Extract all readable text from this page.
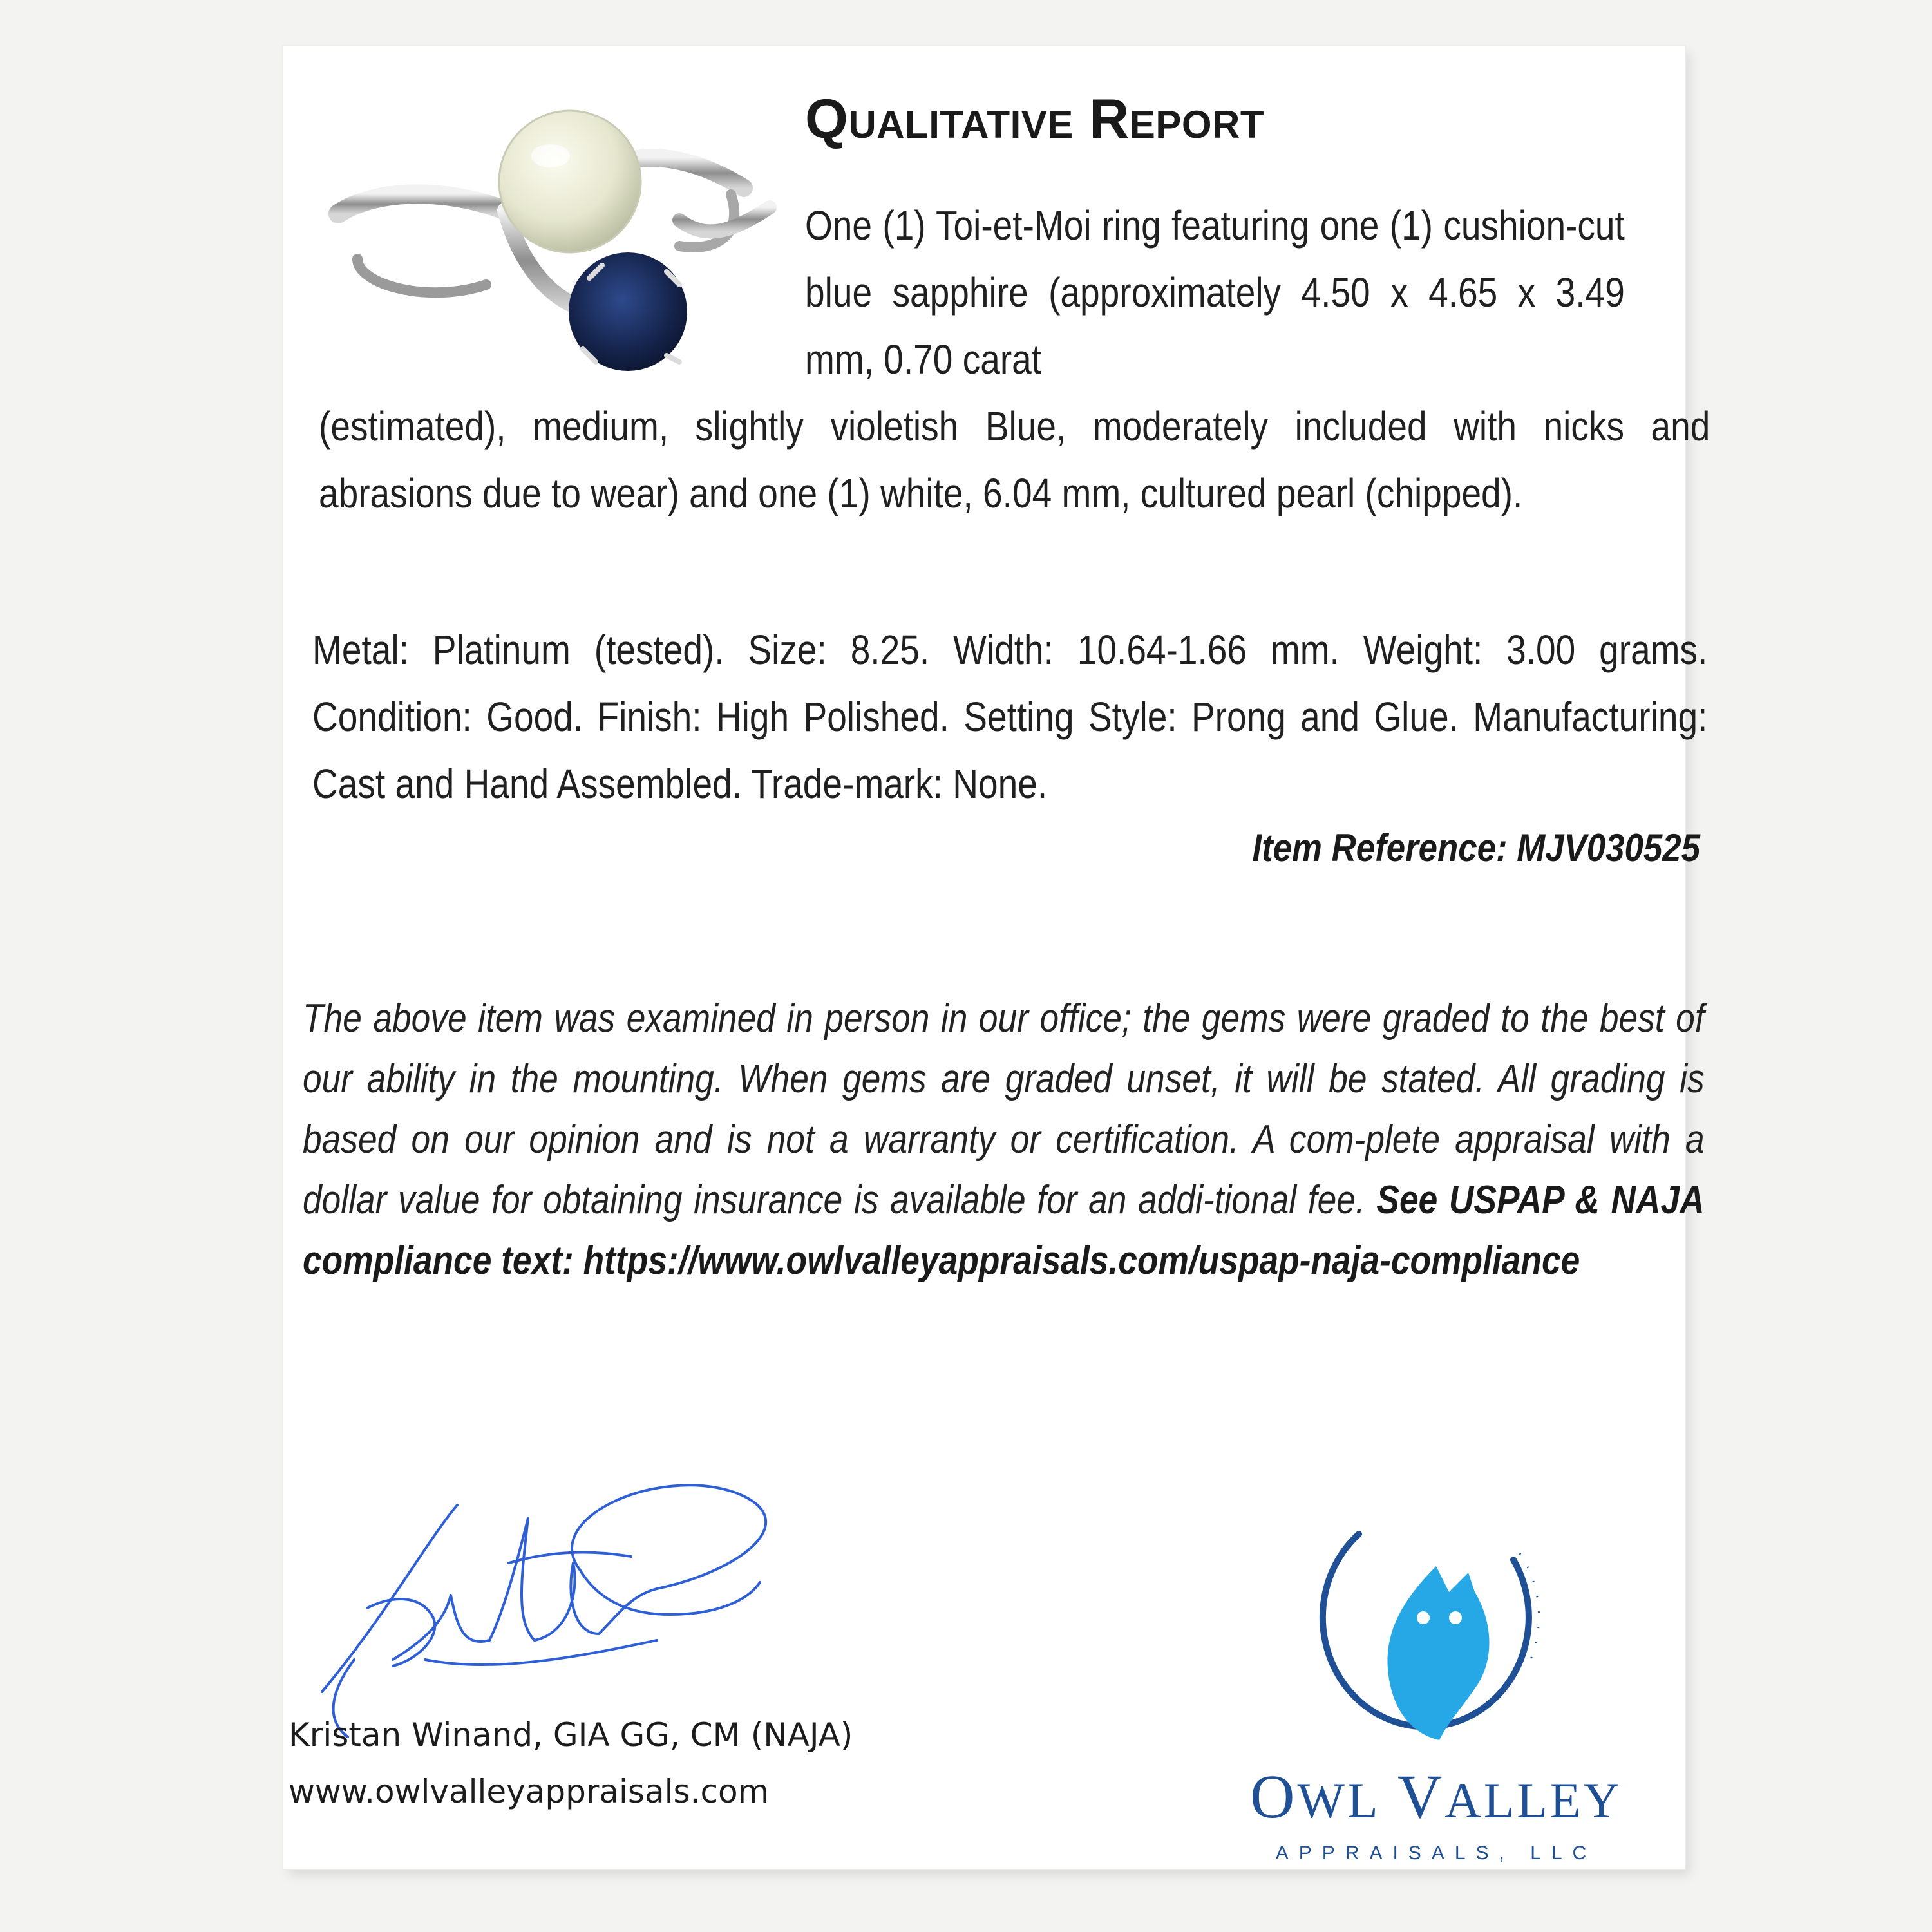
Qualitative Report
One (1) Toi-et-Moi ring featuring one (1) cushion-cut blue sapphire (approximately 4.50 x 4.65 x 3.49 mm, 0.70 carat
(estimated), medium, slightly violetish Blue, moderately included with nicks and abrasions due to wear) and one (1) white, 6.04 mm, cultured pearl (chipped).
Metal: Platinum (tested). Size: 8.25. Width: 10.64-1.66 mm. Weight: 3.00 grams. Condition: Good. Finish: High Polished. Setting Style: Prong and Glue. Manufacturing: Cast and Hand Assembled. Trade-mark: None.
Item Reference: MJV030525
The above item was examined in person in our office; the gems were graded to the best of our ability in the mounting. When gems are graded unset, it will be stated. All grading is based on our opinion and is not a warranty or certification. A com-plete appraisal with a dollar value for obtaining insurance is available for an addi-tional fee. See USPAP & NAJA compliance text: https://www.owlvalleyappraisals.com/uspap-naja-compliance
Kristan Winand, GIA GG, CM (NAJA)
www.owlvalleyappraisals.com	OWL VALLEY
APPRAISALS, LLC
